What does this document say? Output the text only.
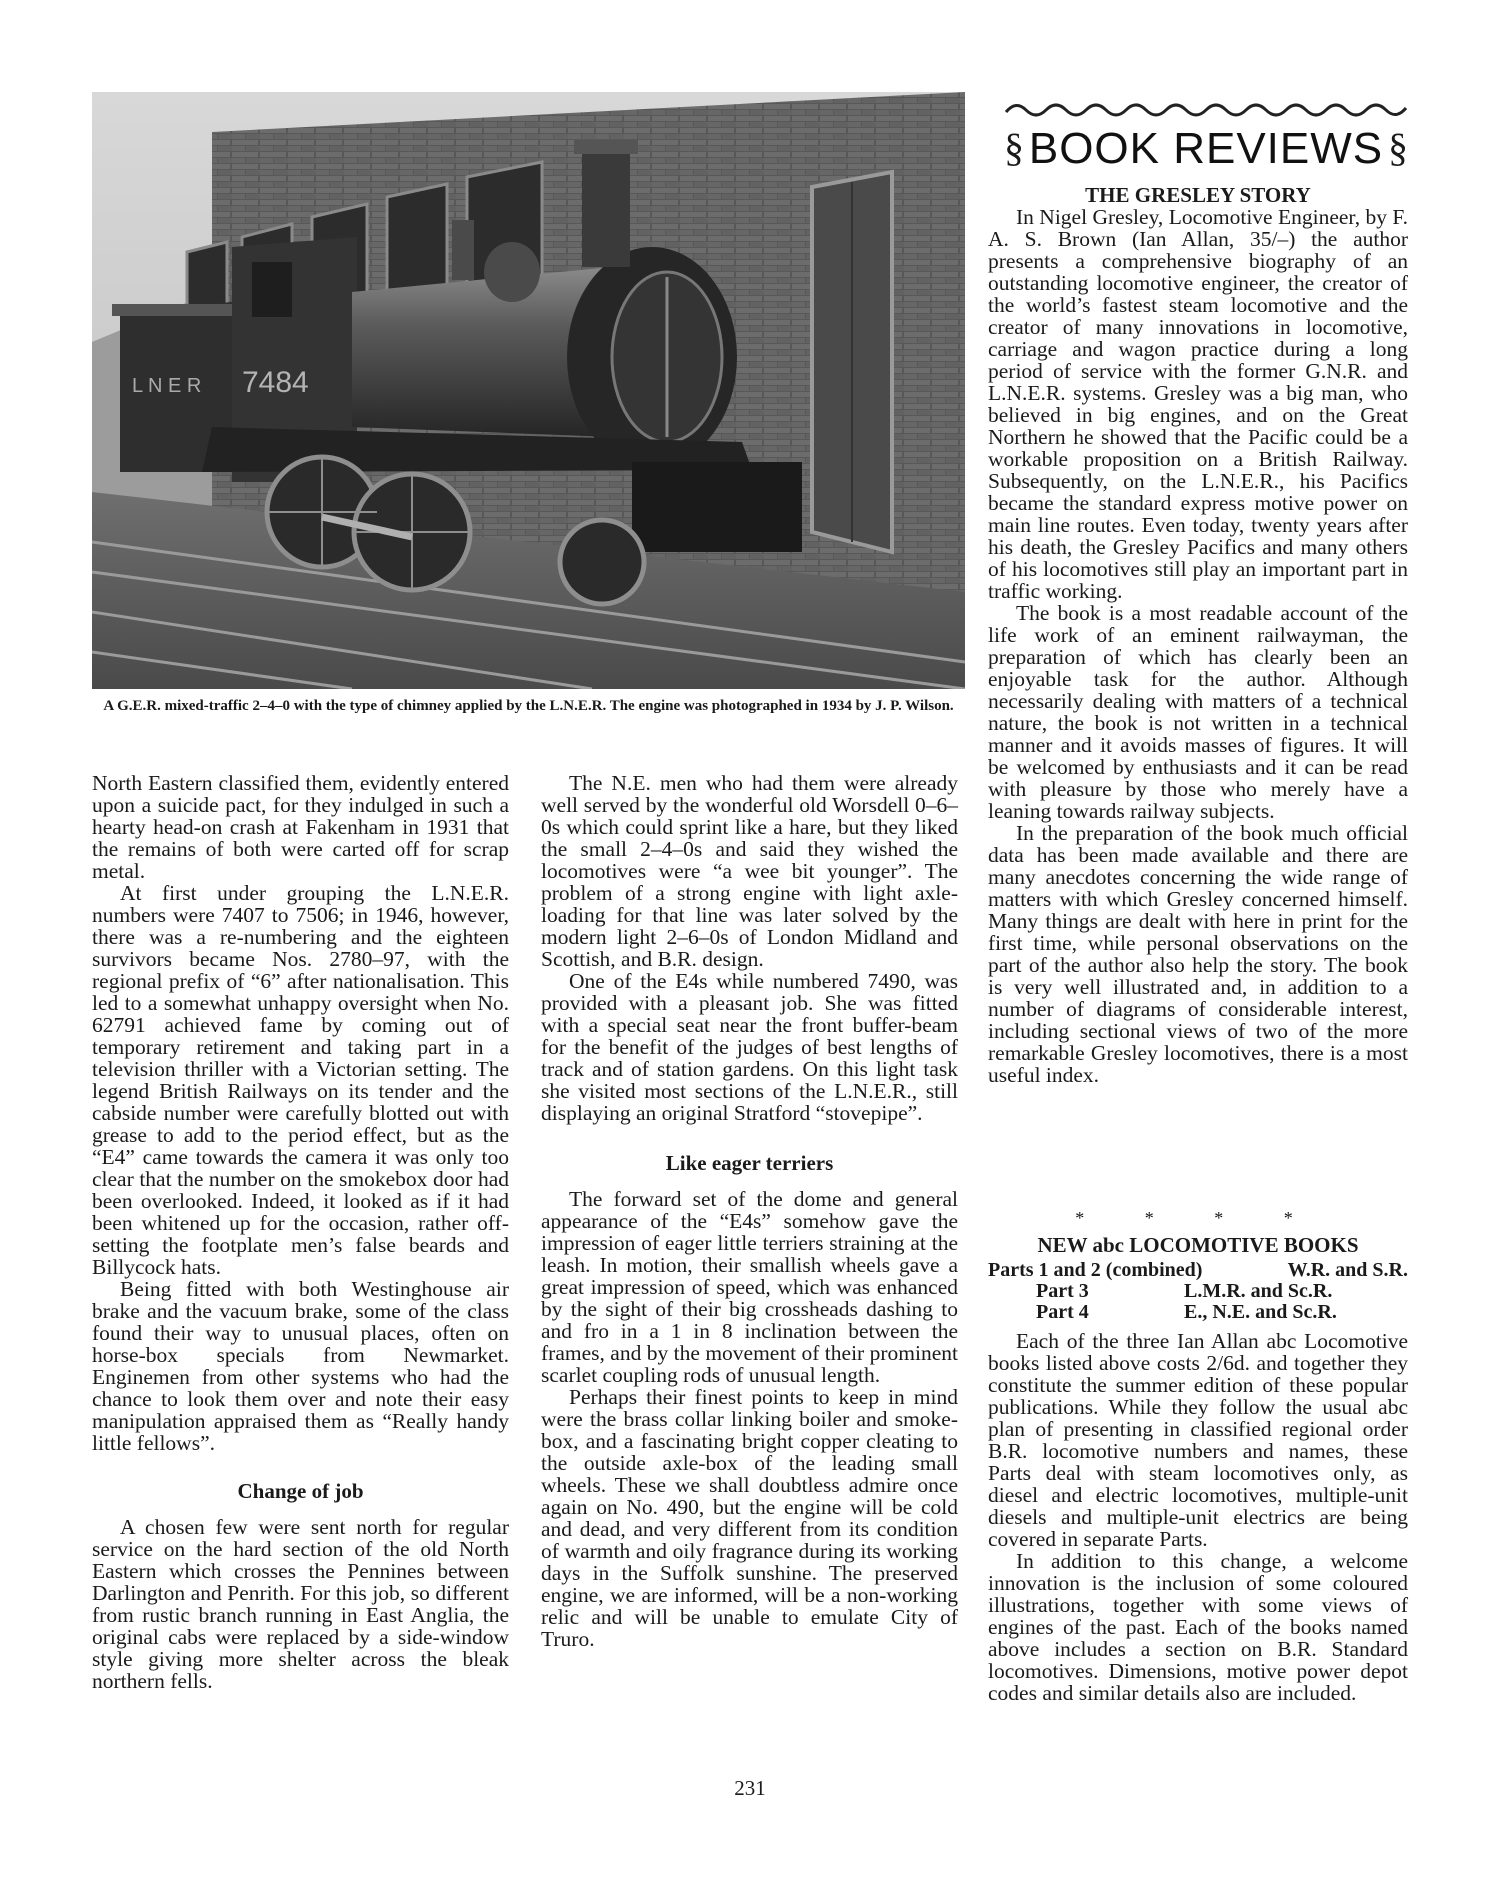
L N E R 7484
A G.E.R. mixed-traffic 2–4–0 with the type of chimney applied by the L.N.E.R. The engine was photographed in 1934 by J. P. Wilson.

North Eastern classified them, evidently entered upon a suicide pact, for they indulged in such a hearty head-on crash at Fakenham in 1931 that the remains of both were carted off for scrap metal.

At first under grouping the L.N.E.R. numbers were 7407 to 7506; in 1946, however, there was a re-numbering and the eighteen survivors became Nos. 2780–97, with the regional prefix of “6” after nationalisation. This led to a somewhat unhappy oversight when No. 62791 achieved fame by coming out of temporary retirement and taking part in a television thriller with a Victorian setting. The legend British Railways on its tender and the cabside number were carefully blotted out with grease to add to the period effect, but as the “E4” came towards the camera it was only too clear that the number on the smokebox door had been overlooked. Indeed, it looked as if it had been whitened up for the occasion, rather off-setting the footplate men’s false beards and Billycock hats.

Being fitted with both Westinghouse air brake and the vacuum brake, some of the class found their way to unusual places, often on horse-box specials from Newmarket. Enginemen from other systems who had the chance to look them over and note their easy manipulation appraised them as “Really handy little fellows”.

Change of job

A chosen few were sent north for regular service on the hard section of the old North Eastern which crosses the Pennines between Darlington and Penrith. For this job, so different from rustic branch running in East Anglia, the original cabs were replaced by a side-window style giving more shelter across the bleak northern fells.

The N.E. men who had them were already well served by the wonderful old Worsdell 0–6–0s which could sprint like a hare, but they liked the small 2–4–0s and said they wished the locomotives were “a wee bit younger”. The problem of a strong engine with light axle-loading for that line was later solved by the modern light 2–6–0s of London Midland and Scottish, and B.R. design.

One of the E4s while numbered 7490, was provided with a pleasant job. She was fitted with a special seat near the front buffer-beam for the benefit of the judges of best lengths of track and of station gardens. On this light task she visited most sections of the L.N.E.R., still displaying an original Stratford “stovepipe”.

Like eager terriers

The forward set of the dome and general appearance of the “E4s” somehow gave the impression of eager little terriers straining at the leash. In motion, their smallish wheels gave a great impression of speed, which was enhanced by the sight of their big crossheads dashing to and fro in a 1 in 8 inclination between the frames, and by the movement of their prominent scarlet coupling rods of unusual length.

Perhaps their finest points to keep in mind were the brass collar linking boiler and smoke-box, and a fascinating bright copper cleating to the outside axle-box of the leading small wheels. These we shall doubtless admire once again on No. 490, but the engine will be cold and dead, and very different from its condition of warmth and oily fragrance during its working days in the Suffolk sunshine. The preserved engine, we are informed, will be a non-working relic and will be unable to emulate City of Truro.

§ BOOK REVIEWS §

THE GRESLEY STORY

In Nigel Gresley, Locomotive Engineer, by F. A. S. Brown (Ian Allan, 35/–) the author presents a comprehensive biography of an outstanding locomotive engineer, the creator of the world’s fastest steam locomotive and the creator of many innovations in locomotive, carriage and wagon practice during a long period of service with the former G.N.R. and L.N.E.R. systems. Gresley was a big man, who believed in big engines, and on the Great Northern he showed that the Pacific could be a workable proposition on a British Railway. Subsequently, on the L.N.E.R., his Pacifics became the standard express motive power on main line routes. Even today, twenty years after his death, the Gresley Pacifics and many others of his locomotives still play an important part in traffic working.

The book is a most readable account of the life work of an eminent railwayman, the preparation of which has clearly been an enjoyable task for the author. Although necessarily dealing with matters of a technical nature, the book is not written in a technical manner and it avoids masses of figures. It will be welcomed by enthusiasts and it can be read with pleasure by those who merely have a leaning towards railway subjects.

In the preparation of the book much official data has been made available and there are many anecdotes concerning the wide range of matters with which Gresley concerned himself. Many things are dealt with here in print for the first time, while personal observations on the part of the author also help the story. The book is very well illustrated and, in addition to a number of diagrams of considerable interest, including sectional views of two of the more remarkable Gresley locomotives, there is a most useful index.

* * * *
NEW abc LOCOMOTIVE BOOKS
Parts 1 and 2 (combined)	W.R. and S.R.
Part 3	L.M.R. and Sc.R.
Part 4	E., N.E. and Sc.R.

Each of the three Ian Allan abc Locomotive books listed above costs 2/6d. and together they constitute the summer edition of these popular publications. While they follow the usual abc plan of presenting in classified regional order B.R. locomotive numbers and names, these Parts deal with steam locomotives only, as diesel and electric locomotives, multiple-unit diesels and multiple-unit electrics are being covered in separate Parts.

In addition to this change, a welcome innovation is the inclusion of some coloured illustrations, together with some views of engines of the past. Each of the books named above includes a section on B.R. Standard locomotives. Dimensions, motive power depot codes and similar details also are included.

231
